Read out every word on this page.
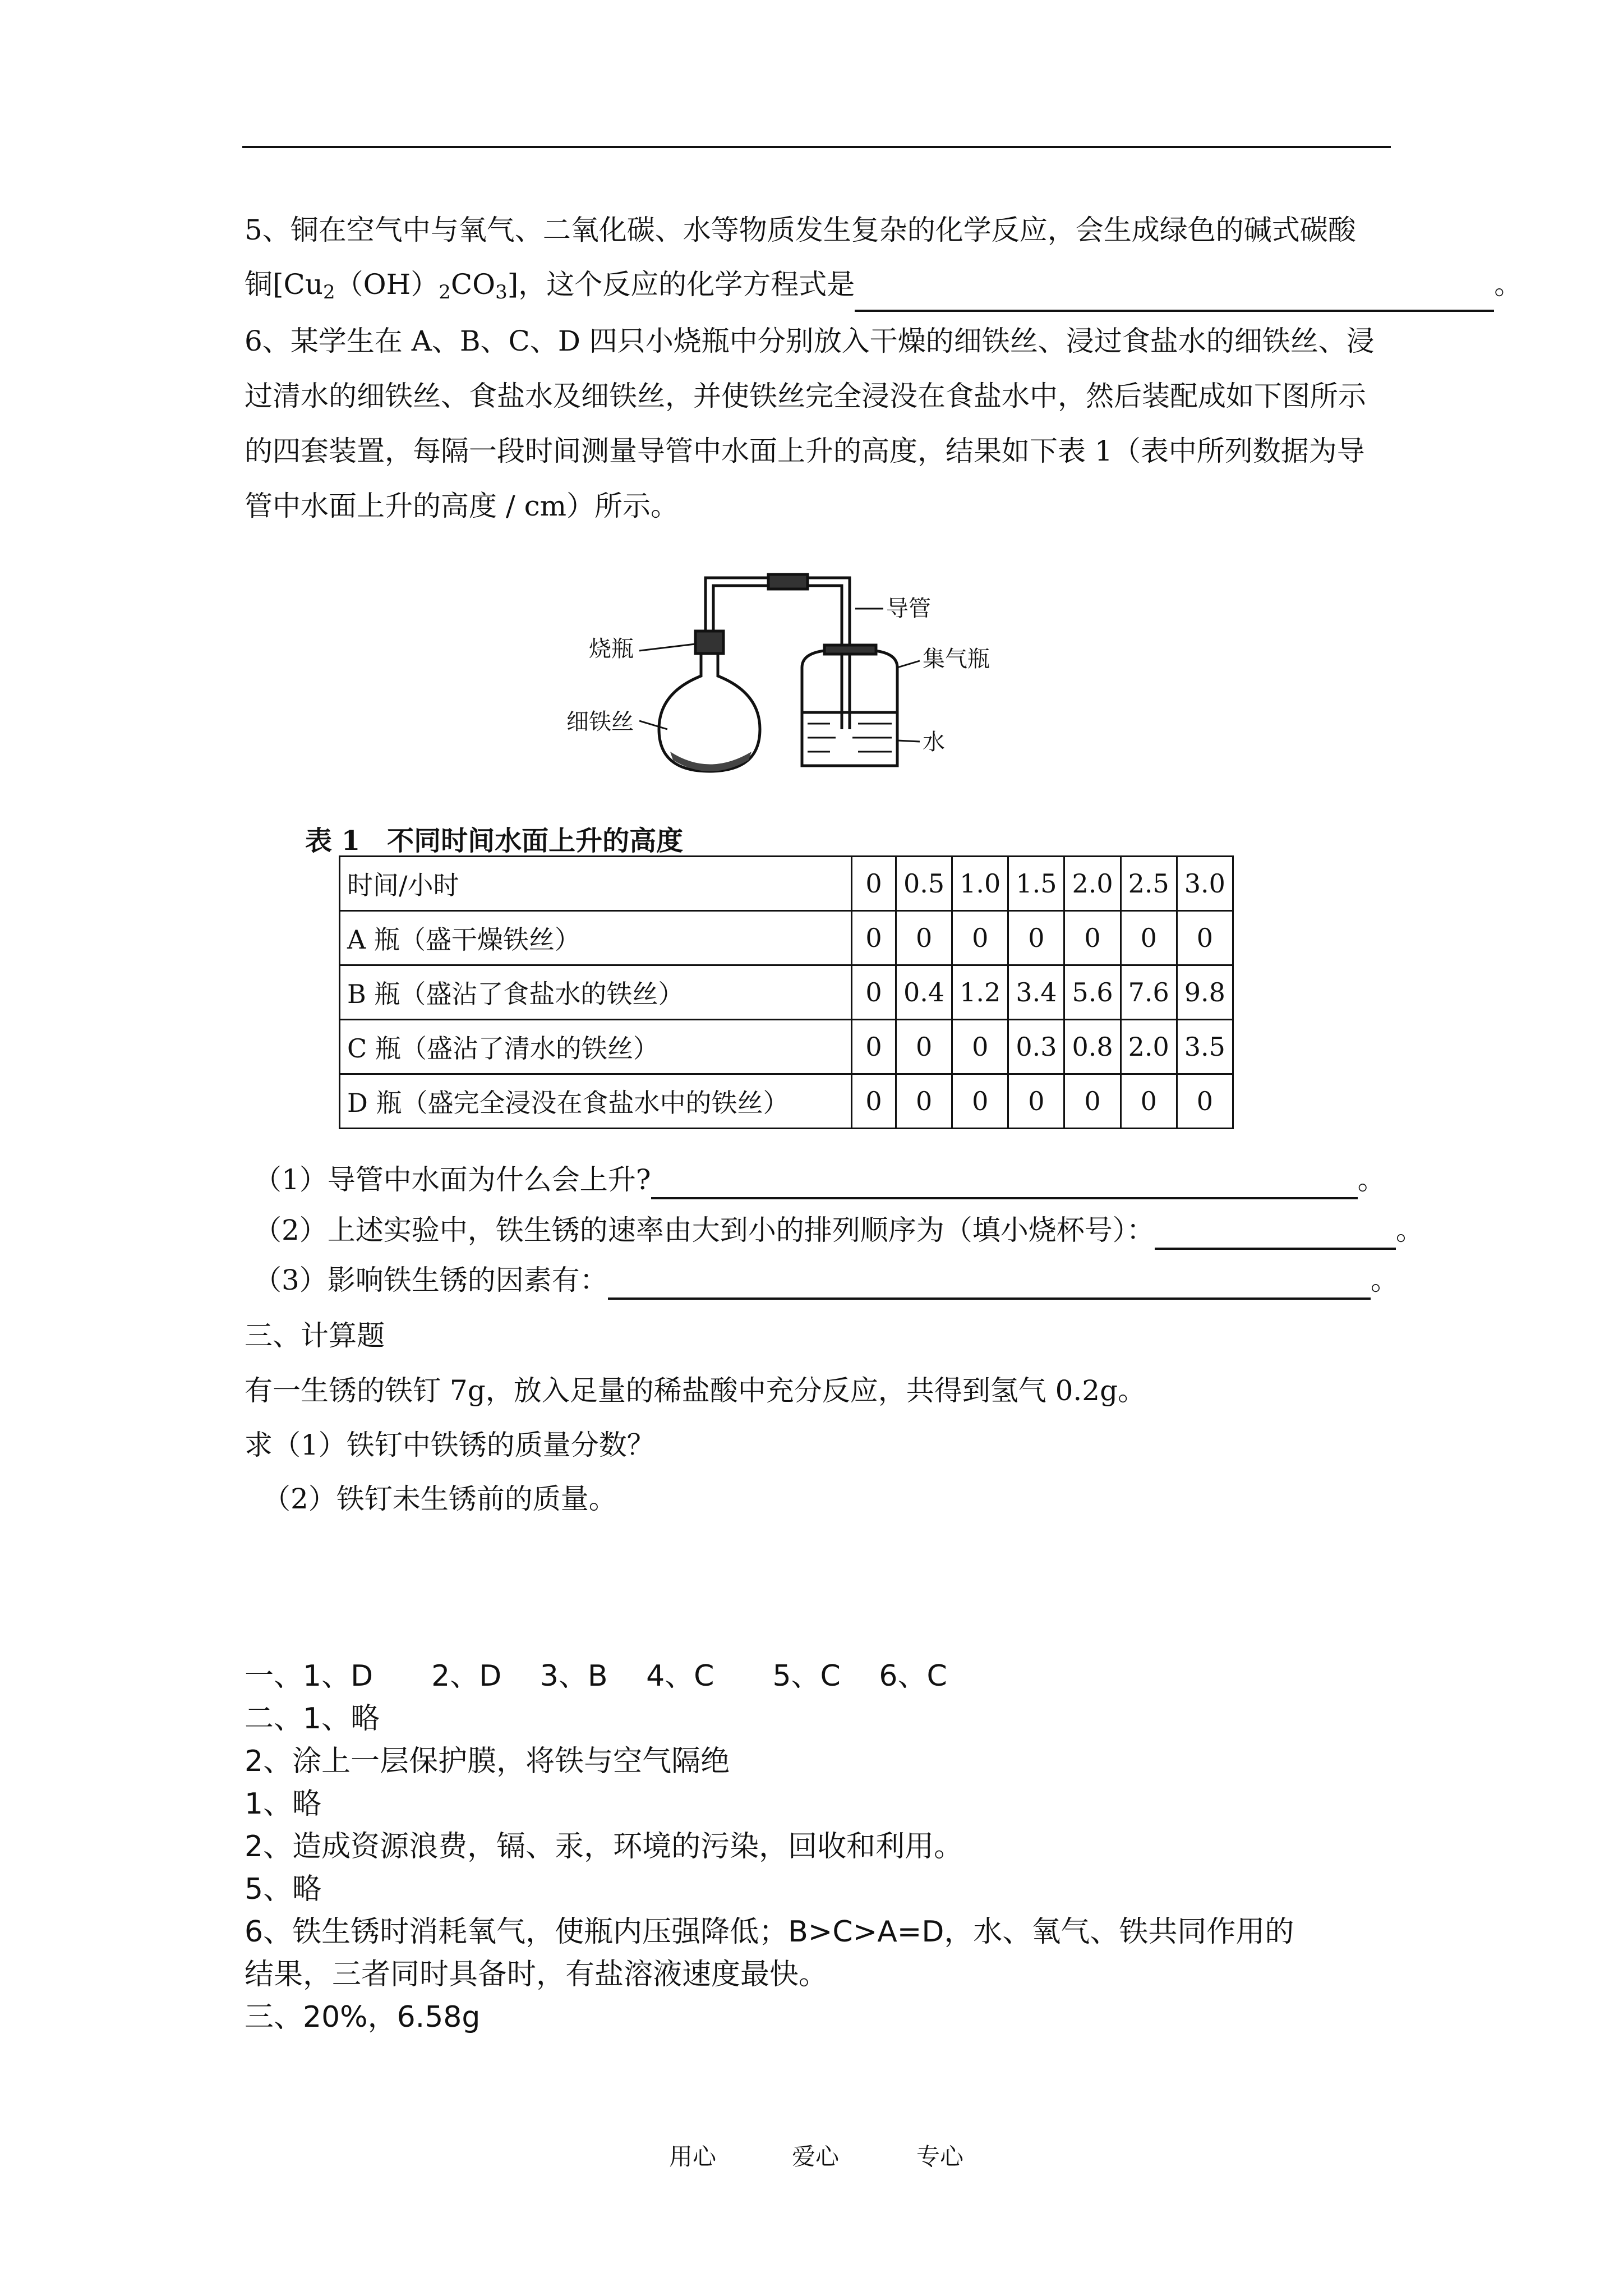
5、铜在空气中与氧气、二氧化碳、水等物质发生复杂的化学反应，会生成绿色的碱式碳酸
铜$[Cu_2(OH)_2CO_3]$，这个反应的化学方程式是	。
6、某学生在 A、B、C、D 四只小烧瓶中分别放入干燥的细铁丝、浸过食盐水的细铁丝、浸
过清水的细铁丝、食盐水及细铁丝，并使铁丝完全浸没在食盐水中，然后装配成如下图所示
的四套装置，每隔一段时间测量导管中水面上升的高度，结果如下表 1（表中所列数据为导
管中水面上升的高度 / cm）所示。
烧瓶
细铁丝
导管
集气瓶
水
表 1　不同时间水面上升的高度
时间/小时	0	0.5	1.0	1.5	2.0	2.5	3.0
A 瓶（盛干燥铁丝）	0	0	0	0	0	0	0
B 瓶（盛沾了食盐水的铁丝）	0	0.4	1.2	3.4	5.6	7.6	9.8
C 瓶（盛沾了清水的铁丝）	0	0	0	0.3	0.8	2.0	3.5
D 瓶（盛完全浸没在食盐水中的铁丝）	0	0	0	0	0	0	0
（1）导管中水面为什么会上升?	。
（2）上述实验中，铁生锈的速率由大到小的排列顺序为（填小烧杯号）：	。
（3）影响铁生锈的因素有：	。
三、计算题
有一生锈的铁钉 7g，放入足量的稀盐酸中充分反应，共得到氢气 0.2g。
求（1）铁钉中铁锈的质量分数？
（2）铁钉未生锈前的质量。
一、1、D　　2、D　 3、B　 4、C　　5、C　 6、C
二、1、略
2、涂上一层保护膜，将铁与空气隔绝
1、略
2、造成资源浪费，镉、汞，环境的污染，回收和利用。
5、略
6、铁生锈时消耗氧气，使瓶内压强降低；B>C>A=D，水、氧气、铁共同作用的
结果，三者同时具备时，有盐溶液速度最快。
三、20%，6.58g
用心	爱心	专心
